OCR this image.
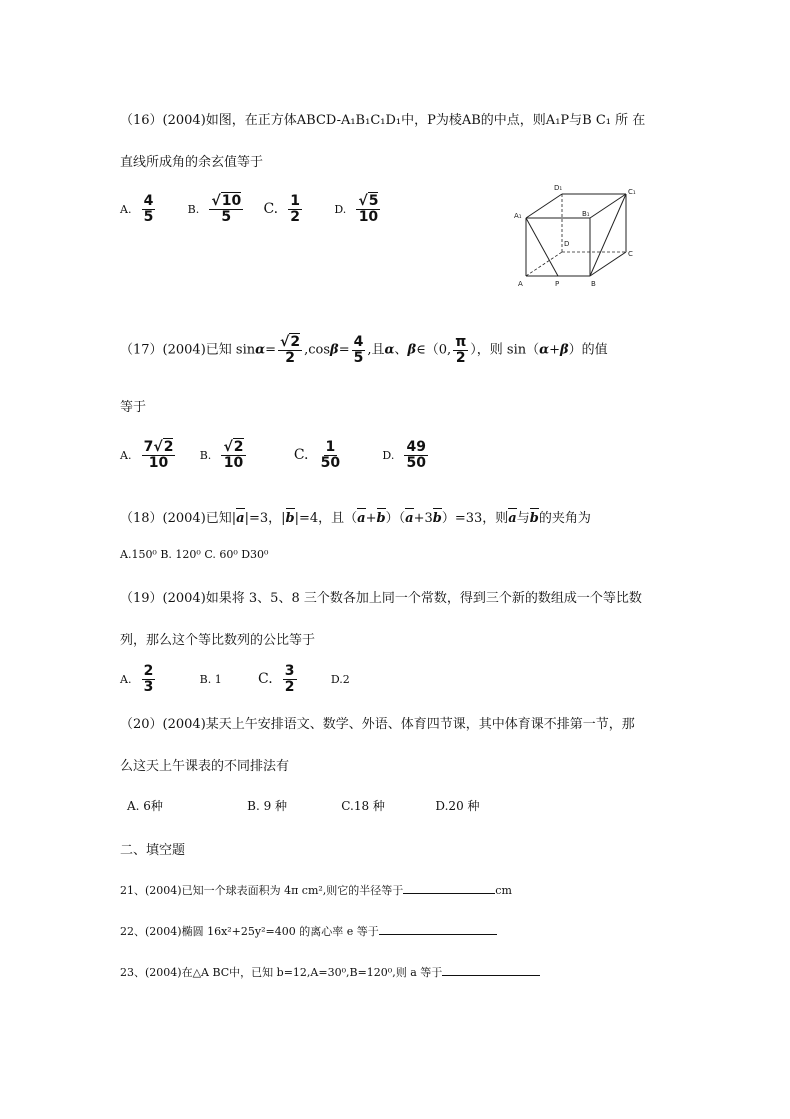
（16）(2004)如图，在正方体ABCD-A₁B₁C₁D₁中，P为棱AB的中点，则A₁P与B C₁ 所 在
直线所成角的余玄值等于
A. $\frac{4}{5}$	B. $\frac{√10}{5} C$. $\frac{1}{2}$	D. $\frac{√5}{10}$
A	P	B
C
D
A₁	B₁
C₁
D₁
（17）(2004)已知 $\sin\alpha= \frac{√2}{2} ,\cos\beta= \frac{4}{5}$ ,且α、β∈（0, $\frac{\pi}{2}$ ），则 sin（α+β）的值
等于
A. $\frac{7√2}{10} B$. $\frac{√2}{10}$	C. $\frac{1}{50}$	D. $\frac{49}{50}$
（18）(2004)已知|a|=3，|b|=4，且（a+b）（a+3b）=33，则a与b的夹角为
A.150⁰ B. 120⁰ C. 60⁰ D30⁰
（19）(2004)如果将 3、5、8 三个数各加上同一个常数，得到三个新的数组成一个等比数
列，那么这个等比数列的公比等于
A. $\frac{2}{3}$	B. 1	C. $\frac{3}{2}$	D.2
（20）(2004)某天上午安排语文、数学、外语、体育四节课，其中体育课不排第一节，那
么这天上午课表的不同排法有
A. 6种	B. 9 种	C.18 种	D.20 种
二、填空题
21、(2004)已知一个球表面积为 4π cm²,则它的半径等于	cm
22、(2004)椭圆 16x²+25y²=400 的离心率 e 等于
23、(2004)在△A BC中，已知 b=12,A=30⁰,B=120⁰,则 a 等于
